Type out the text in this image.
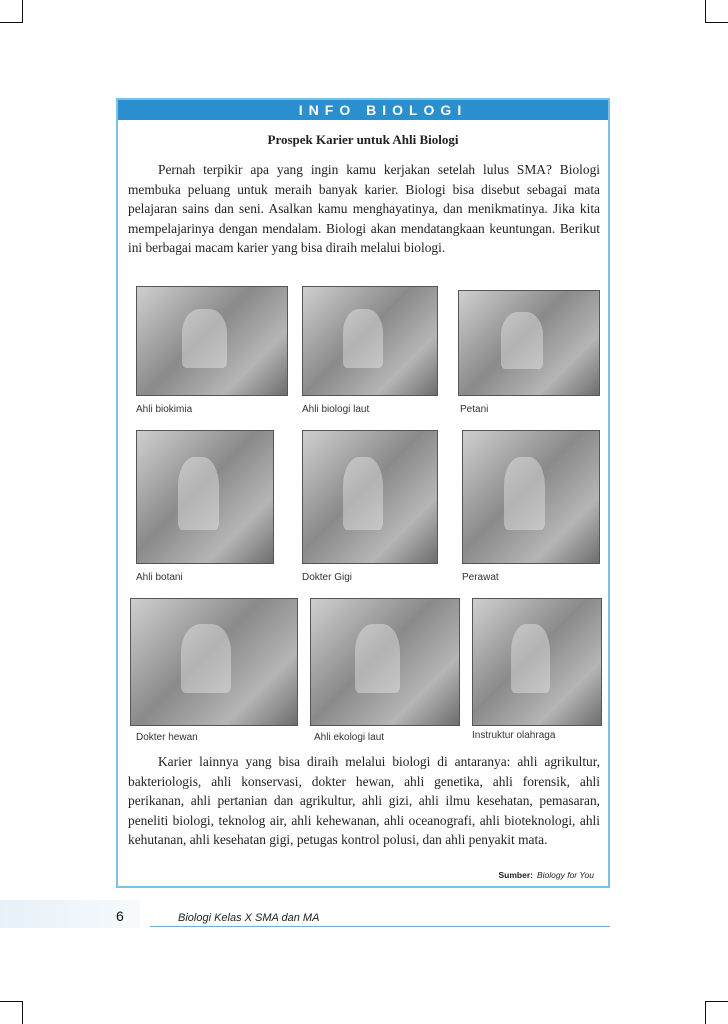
INFO BIOLOGI
Prospek Karier untuk Ahli Biologi

Pernah terpikir apa yang ingin kamu kerjakan setelah lulus SMA? Biologi membuka peluang untuk meraih banyak karier. Biologi bisa disebut sebagai mata pelajaran sains dan seni. Asalkan kamu menghayatinya, dan menikmatinya. Jika kita mempelajarinya dengan mendalam. Biologi akan mendatangkaan keuntungan. Berikut ini berbagai macam karier yang bisa diraih melalui biologi.

Ahli biokimia	Ahli biologi laut	Petani
Ahli botani	Dokter Gigi	Perawat
Dokter hewan	Ahli ekologi laut	Instruktur olahraga

Karier lainnya yang bisa diraih melalui biologi di antaranya: ahli agrikultur, bakteriologis, ahli konservasi, dokter hewan, ahli genetika, ahli forensik, ahli perikanan, ahli pertanian dan agrikultur, ahli gizi, ahli ilmu kesehatan, pemasaran, peneliti biologi, teknolog air, ahli kehewanan, ahli oceanografi, ahli bioteknologi, ahli kehutanan, ahli kesehatan gigi, petugas kontrol polusi, dan ahli penyakit mata.

Sumber: Biology for You
6	Biologi Kelas X SMA dan MA
